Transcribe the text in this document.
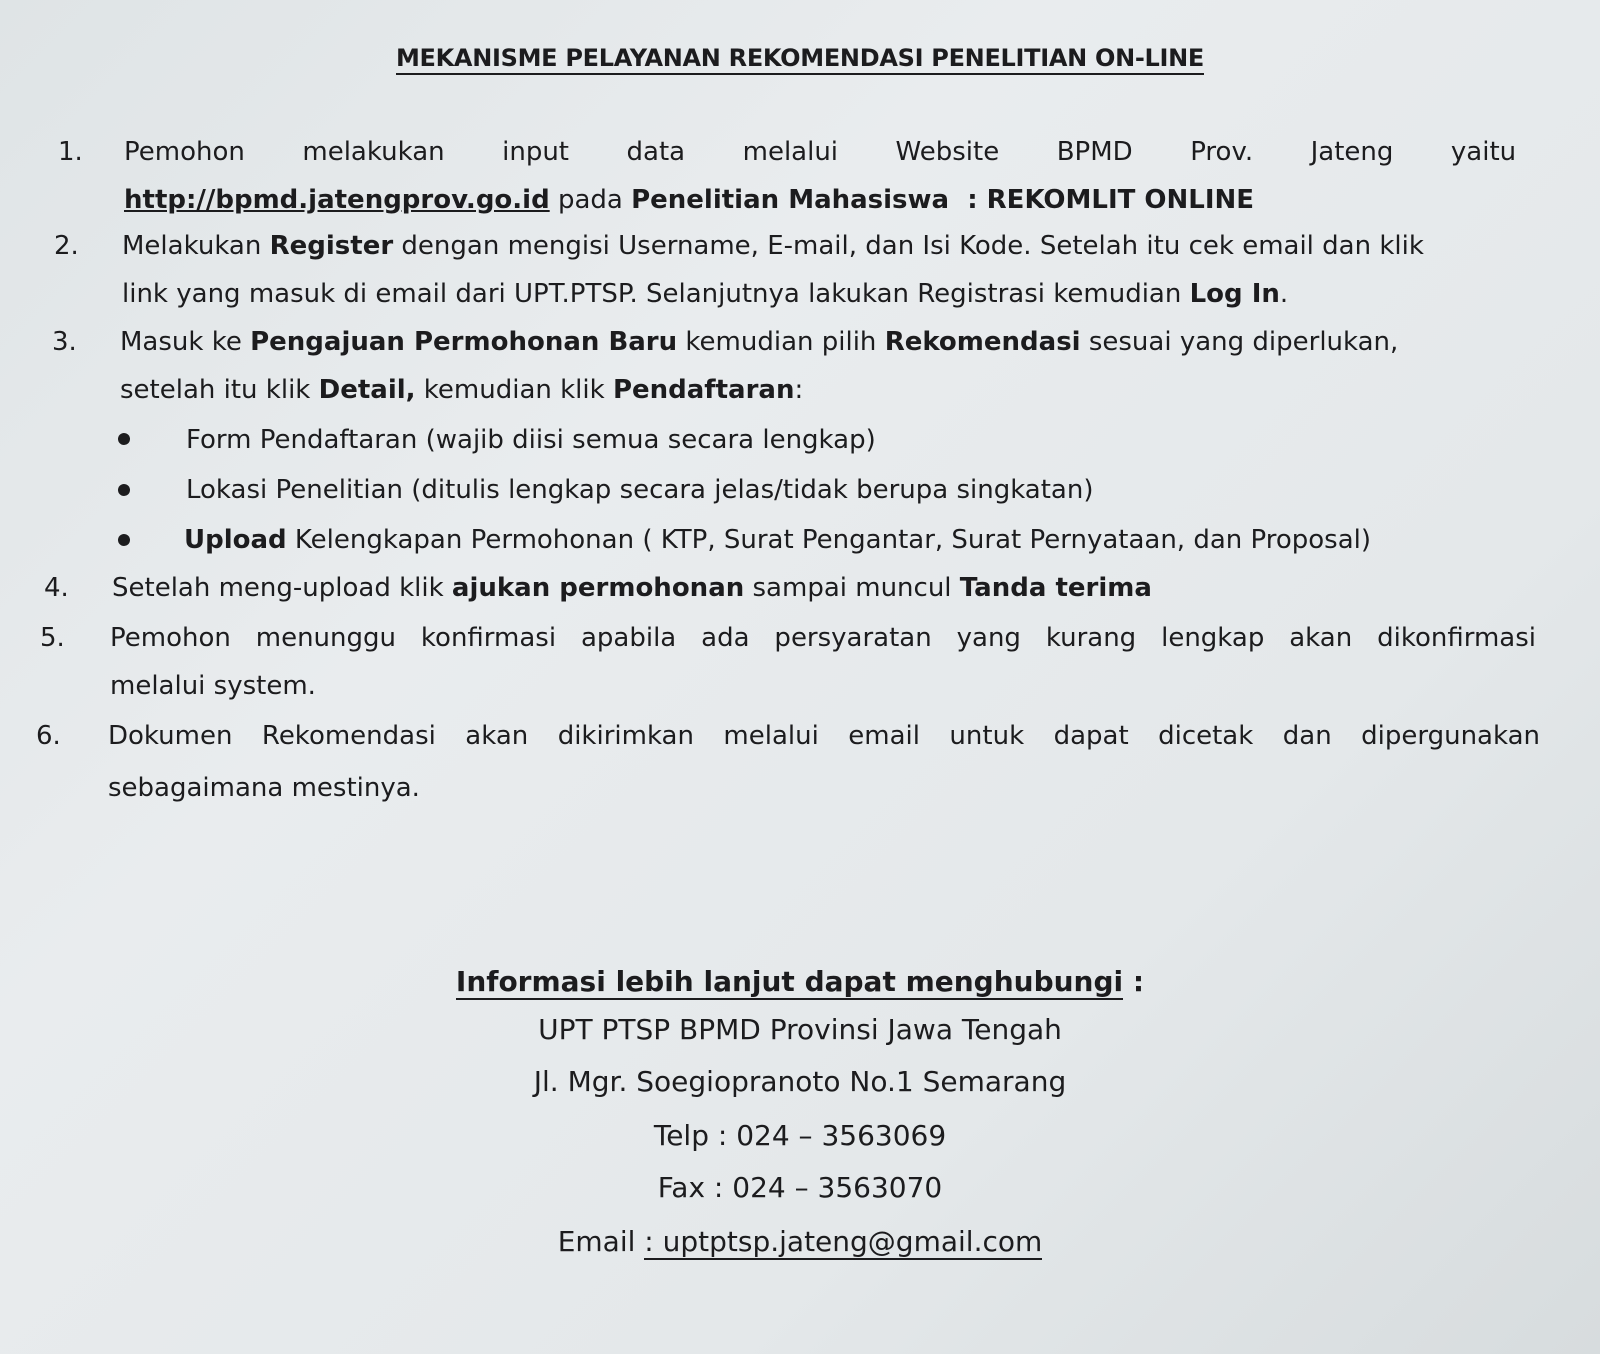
MEKANISME PELAYANAN REKOMENDASI PENELITIAN ON-LINE
1. Pemohon melakukan input data melalui Website BPMD Prov. Jateng yaitu
http://bpmd.jatengprov.go.id pada Penelitian Mahasiswa  : REKOMLIT ONLINE
2. Melakukan Register dengan mengisi Username, E-mail, dan Isi Kode. Setelah itu cek email dan klik
link yang masuk di email dari UPT.PTSP. Selanjutnya lakukan Registrasi kemudian Log In.
3. Masuk ke Pengajuan Permohonan Baru kemudian pilih Rekomendasi sesuai yang diperlukan,
setelah itu klik Detail, kemudian klik Pendaftaran:
Form Pendaftaran (wajib diisi semua secara lengkap)
Lokasi Penelitian (ditulis lengkap secara jelas/tidak berupa singkatan)
Upload Kelengkapan Permohonan ( KTP, Surat Pengantar, Surat Pernyataan, dan Proposal)
4. Setelah meng-upload klik ajukan permohonan sampai muncul Tanda terima
5. Pemohon menunggu konfirmasi apabila ada persyaratan yang kurang lengkap akan dikonfirmasi
melalui system.
6. Dokumen Rekomendasi akan dikirimkan melalui email untuk dapat dicetak dan dipergunakan
sebagaimana mestinya.
Informasi lebih lanjut dapat menghubungi :
UPT PTSP BPMD Provinsi Jawa Tengah
Jl. Mgr. Soegiopranoto No.1 Semarang
Telp : 024 – 3563069
Fax : 024 – 3563070
Email : uptptsp.jateng@gmail.com
